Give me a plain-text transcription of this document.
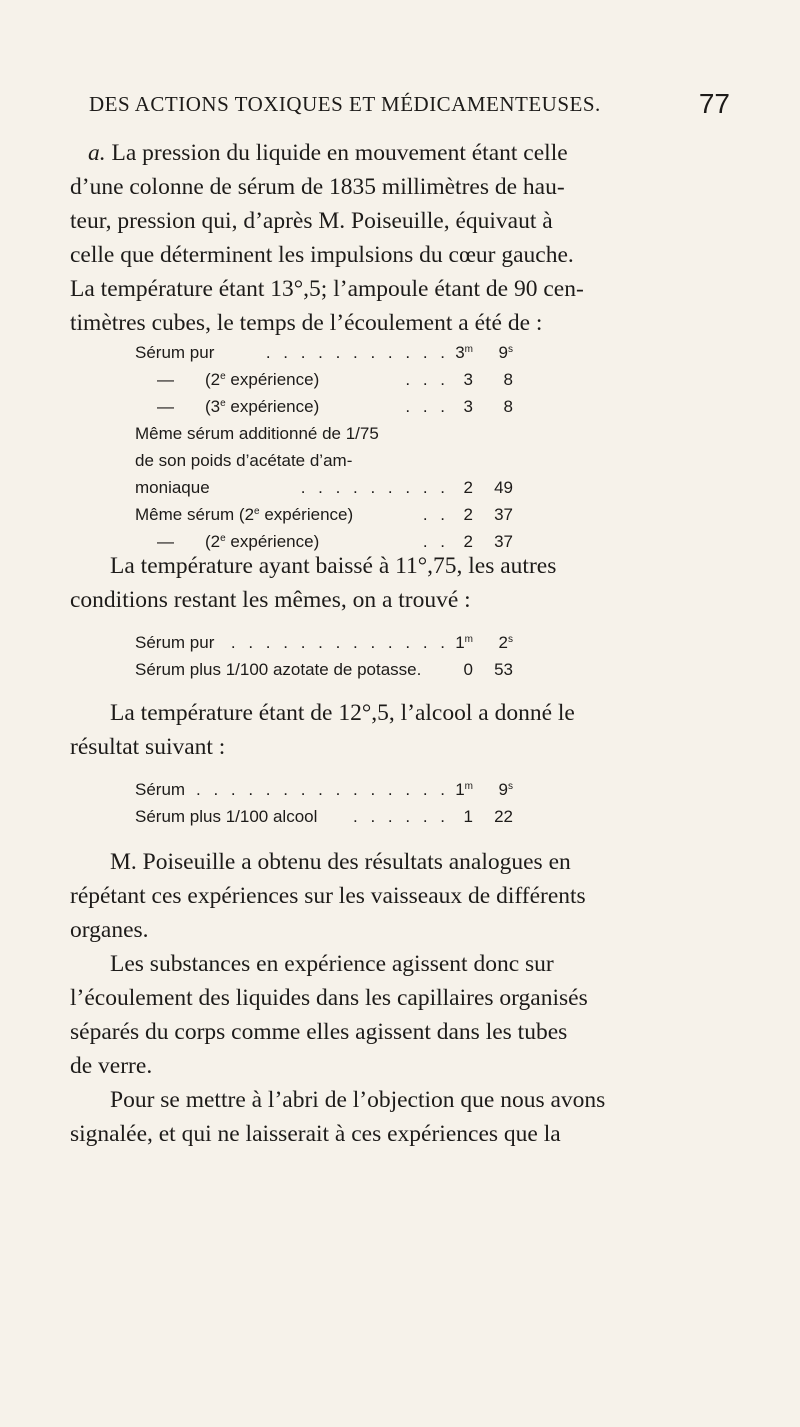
DES ACTIONS TOXIQUES ET MÉDICAMENTEUSES.	77
a. La pression du liquide en mouvement étant celle
d’une colonne de sérum de 1835 millimètres de hau-
teur, pression qui, d’après M. Poiseuille, équivaut à
celle que déterminent les impulsions du cœur gauche.
La température étant 13°,5; l’ampoule étant de 90 cen-
timètres cubes, le temps de l’écoulement a été de :
Sérum pur	. . . . . . . . . . . 3$^m$	9$^s$
— (2e expérience)	. . . 3	8
— (3e expérience)	. . . 3	8
Même sérum additionné de 1/75
de son poids d’acétate d’am-
moniaque	. . . . . . . . . 2	49
Même sérum (2e expérience)	. . 2	37
— (2e expérience)	. . 2	37
La température ayant baissé à 11°,75, les autres
conditions restant les mêmes, on a trouvé :
Sérum pur . . . . . . . . . . . . . 1$^m$	2$^s$
Sérum plus 1/100 azotate de potasse.	0	53
La température étant de 12°,5, l’alcool a donné le
résultat suivant :
Sérum . . . . . . . . . . . . . . . 1$^m$	9$^s$
Sérum plus 1/100 alcool	. . . . . . 1	22
M. Poiseuille a obtenu des résultats analogues en
répétant ces expériences sur les vaisseaux de différents
organes.
Les substances en expérience agissent donc sur
l’écoulement des liquides dans les capillaires organisés
séparés du corps comme elles agissent dans les tubes
de verre.
Pour se mettre à l’abri de l’objection que nous avons
signalée, et qui ne laisserait à ces expériences que la
